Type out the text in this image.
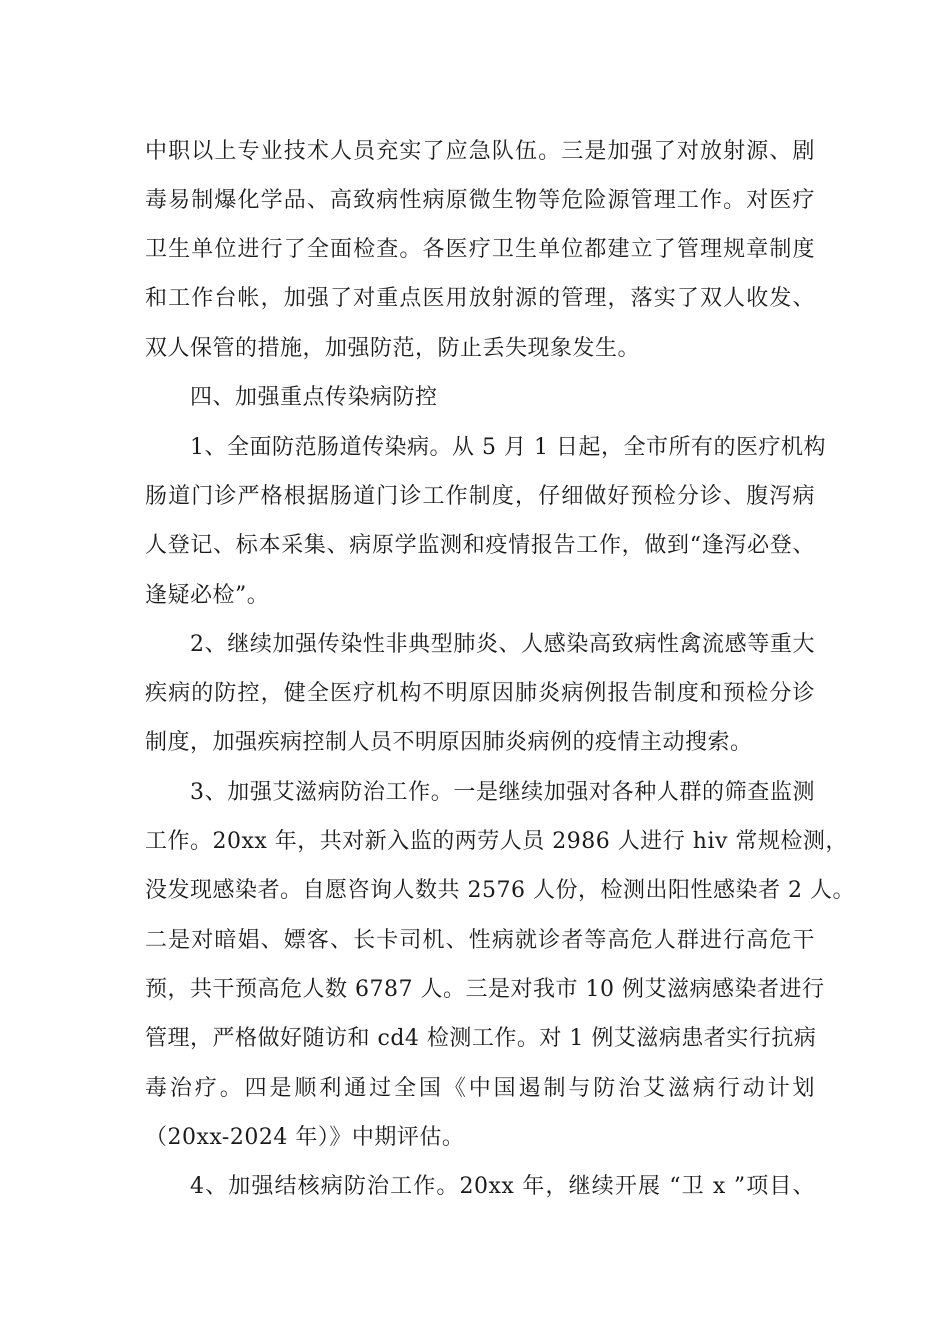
中职以上专业技术人员充实了应急队伍。三是加强了对放射源、剧
毒易制爆化学品、高致病性病原微生物等危险源管理工作。对医疗
卫生单位进行了全面检查。各医疗卫生单位都建立了管理规章制度
和工作台帐，加强了对重点医用放射源的管理，落实了双人收发、
双人保管的措施，加强防范，防止丢失现象发生。
四、加强重点传染病防控
1、全面防范肠道传染病。从 5 月 1 日起，全市所有的医疗机构
肠道门诊严格根据肠道门诊工作制度，仔细做好预检分诊、腹泻病
人登记、标本采集、病原学监测和疫情报告工作，做到“逢泻必登、
逢疑必检”。
2、继续加强传染性非典型肺炎、人感染高致病性禽流感等重大
疾病的防控，健全医疗机构不明原因肺炎病例报告制度和预检分诊
制度，加强疾病控制人员不明原因肺炎病例的疫情主动搜索。
3、加强艾滋病防治工作。一是继续加强对各种人群的筛查监测
工作。20xx 年，共对新入监的两劳人员 2986 人进行 hiv 常规检测，
没发现感染者。自愿咨询人数共 2576 人份，检测出阳性感染者 2 人。
二是对暗娼、嫖客、长卡司机、性病就诊者等高危人群进行高危干
预，共干预高危人数 6787 人。三是对我市 10 例艾滋病感染者进行
管理，严格做好随访和 cd4 检测工作。对 1 例艾滋病患者实行抗病
毒治疗。四是顺利通过全国《中国遏制与防治艾滋病行动计划
（20xx-2024 年）》中期评估。
4、加强结核病防治工作。20xx 年，继续开展 “卫 x ”项目、
